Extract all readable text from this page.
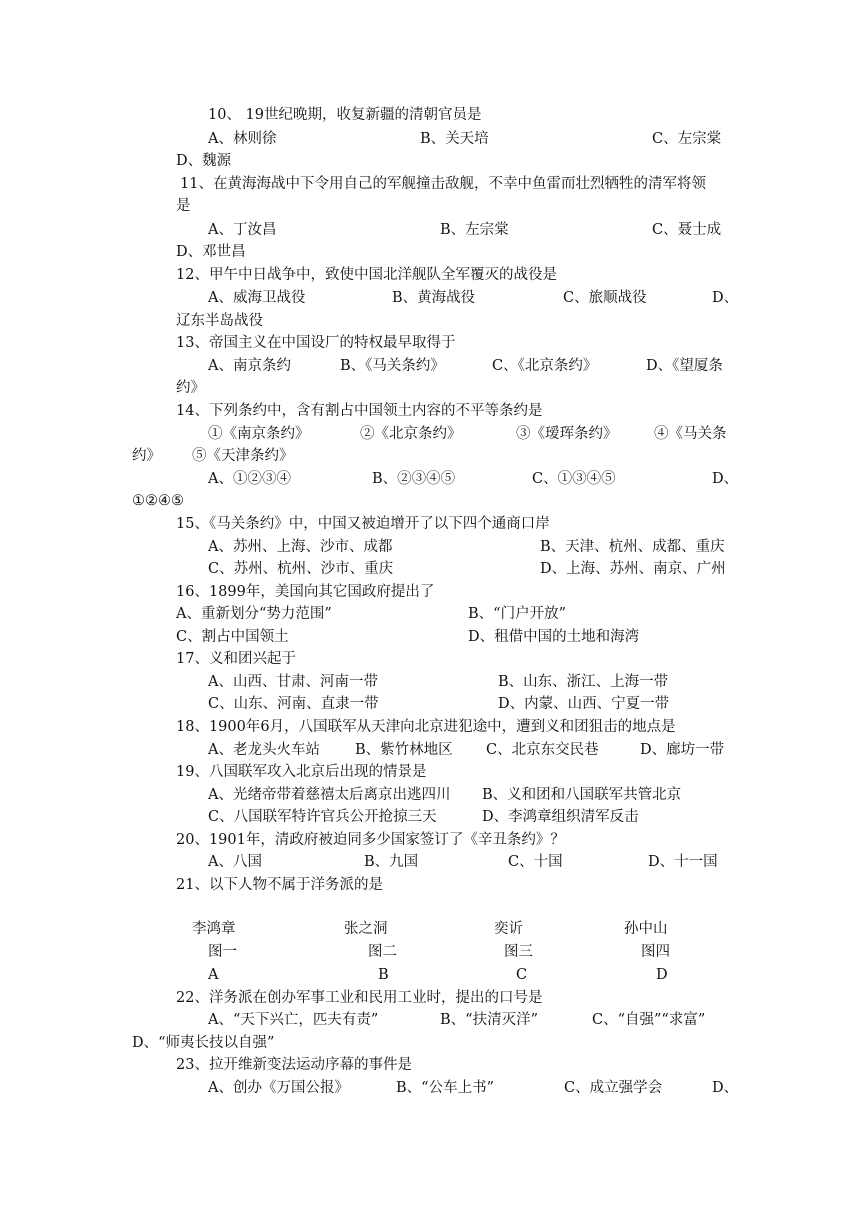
10、 19世纪晚期，收复新疆的清朝官员是
A、林则徐	B、关天培	C、左宗棠
D、魏源
11、在黄海海战中下令用自己的军舰撞击敌舰，不幸中鱼雷而壮烈牺牲的清军将领
是
A、丁汝昌	B、左宗棠	C、聂士成
D、邓世昌
12、甲午中日战争中，致使中国北洋舰队全军覆灭的战役是
A、威海卫战役	B、黄海战役	C、旅顺战役	D、
辽东半岛战役
13、帝国主义在中国设厂的特权最早取得于
A、南京条约	B、《马关条约》	C、《北京条约》	D、《望厦条
约》
14、下列条约中，含有割占中国领土内容的不平等条约是
①《南京条约》	②《北京条约》	③《瑷珲条约》	④《马关条
约》 ⑤《天津条约》
A、①②③④	B、②③④⑤	C、①③④⑤	D、
①②④⑤
15、《马关条约》中，中国又被迫增开了以下四个通商口岸
A、苏州、上海、沙市、成都	B、天津、杭州、成都、重庆
C、苏州、杭州、沙市、重庆	D、上海、苏州、南京、广州
16、1899年，美国向其它国政府提出了
A、重新划分“势力范围”	B、“门户开放”
C、割占中国领土	D、租借中国的土地和海湾
17、义和团兴起于
A、山西、甘肃、河南一带	B、山东、浙江、上海一带
C、山东、河南、直隶一带	D、内蒙、山西、宁夏一带
18、1900年6月，八国联军从天津向北京进犯途中，遭到义和团狙击的地点是
A、老龙头火车站 B、紫竹林地区 C、北京东交民巷	D、廊坊一带
19、八国联军攻入北京后出现的情景是
A、光绪帝带着慈禧太后离京出逃四川 B、义和团和八国联军共管北京
C、八国联军特许官兵公开抢掠三天	D、李鸿章组织清军反击
20、1901年，清政府被迫同多少国家签订了《辛丑条约》？
A、八国	B、九国	C、十国	D、十一国
21、以下人物不属于洋务派的是
李鸿章	张之洞	奕䜣	孙中山
图一	图二	图三	图四
A	B	C	D
22、洋务派在创办军事工业和民用工业时，提出的口号是
A、“天下兴亡，匹夫有责”	B、“扶清灭洋”	C、“自强”“求富”
D、“师夷长技以自强”
23、拉开维新变法运动序幕的事件是
A、创办《万国公报》	B、“公车上书”	C、成立强学会	D、
